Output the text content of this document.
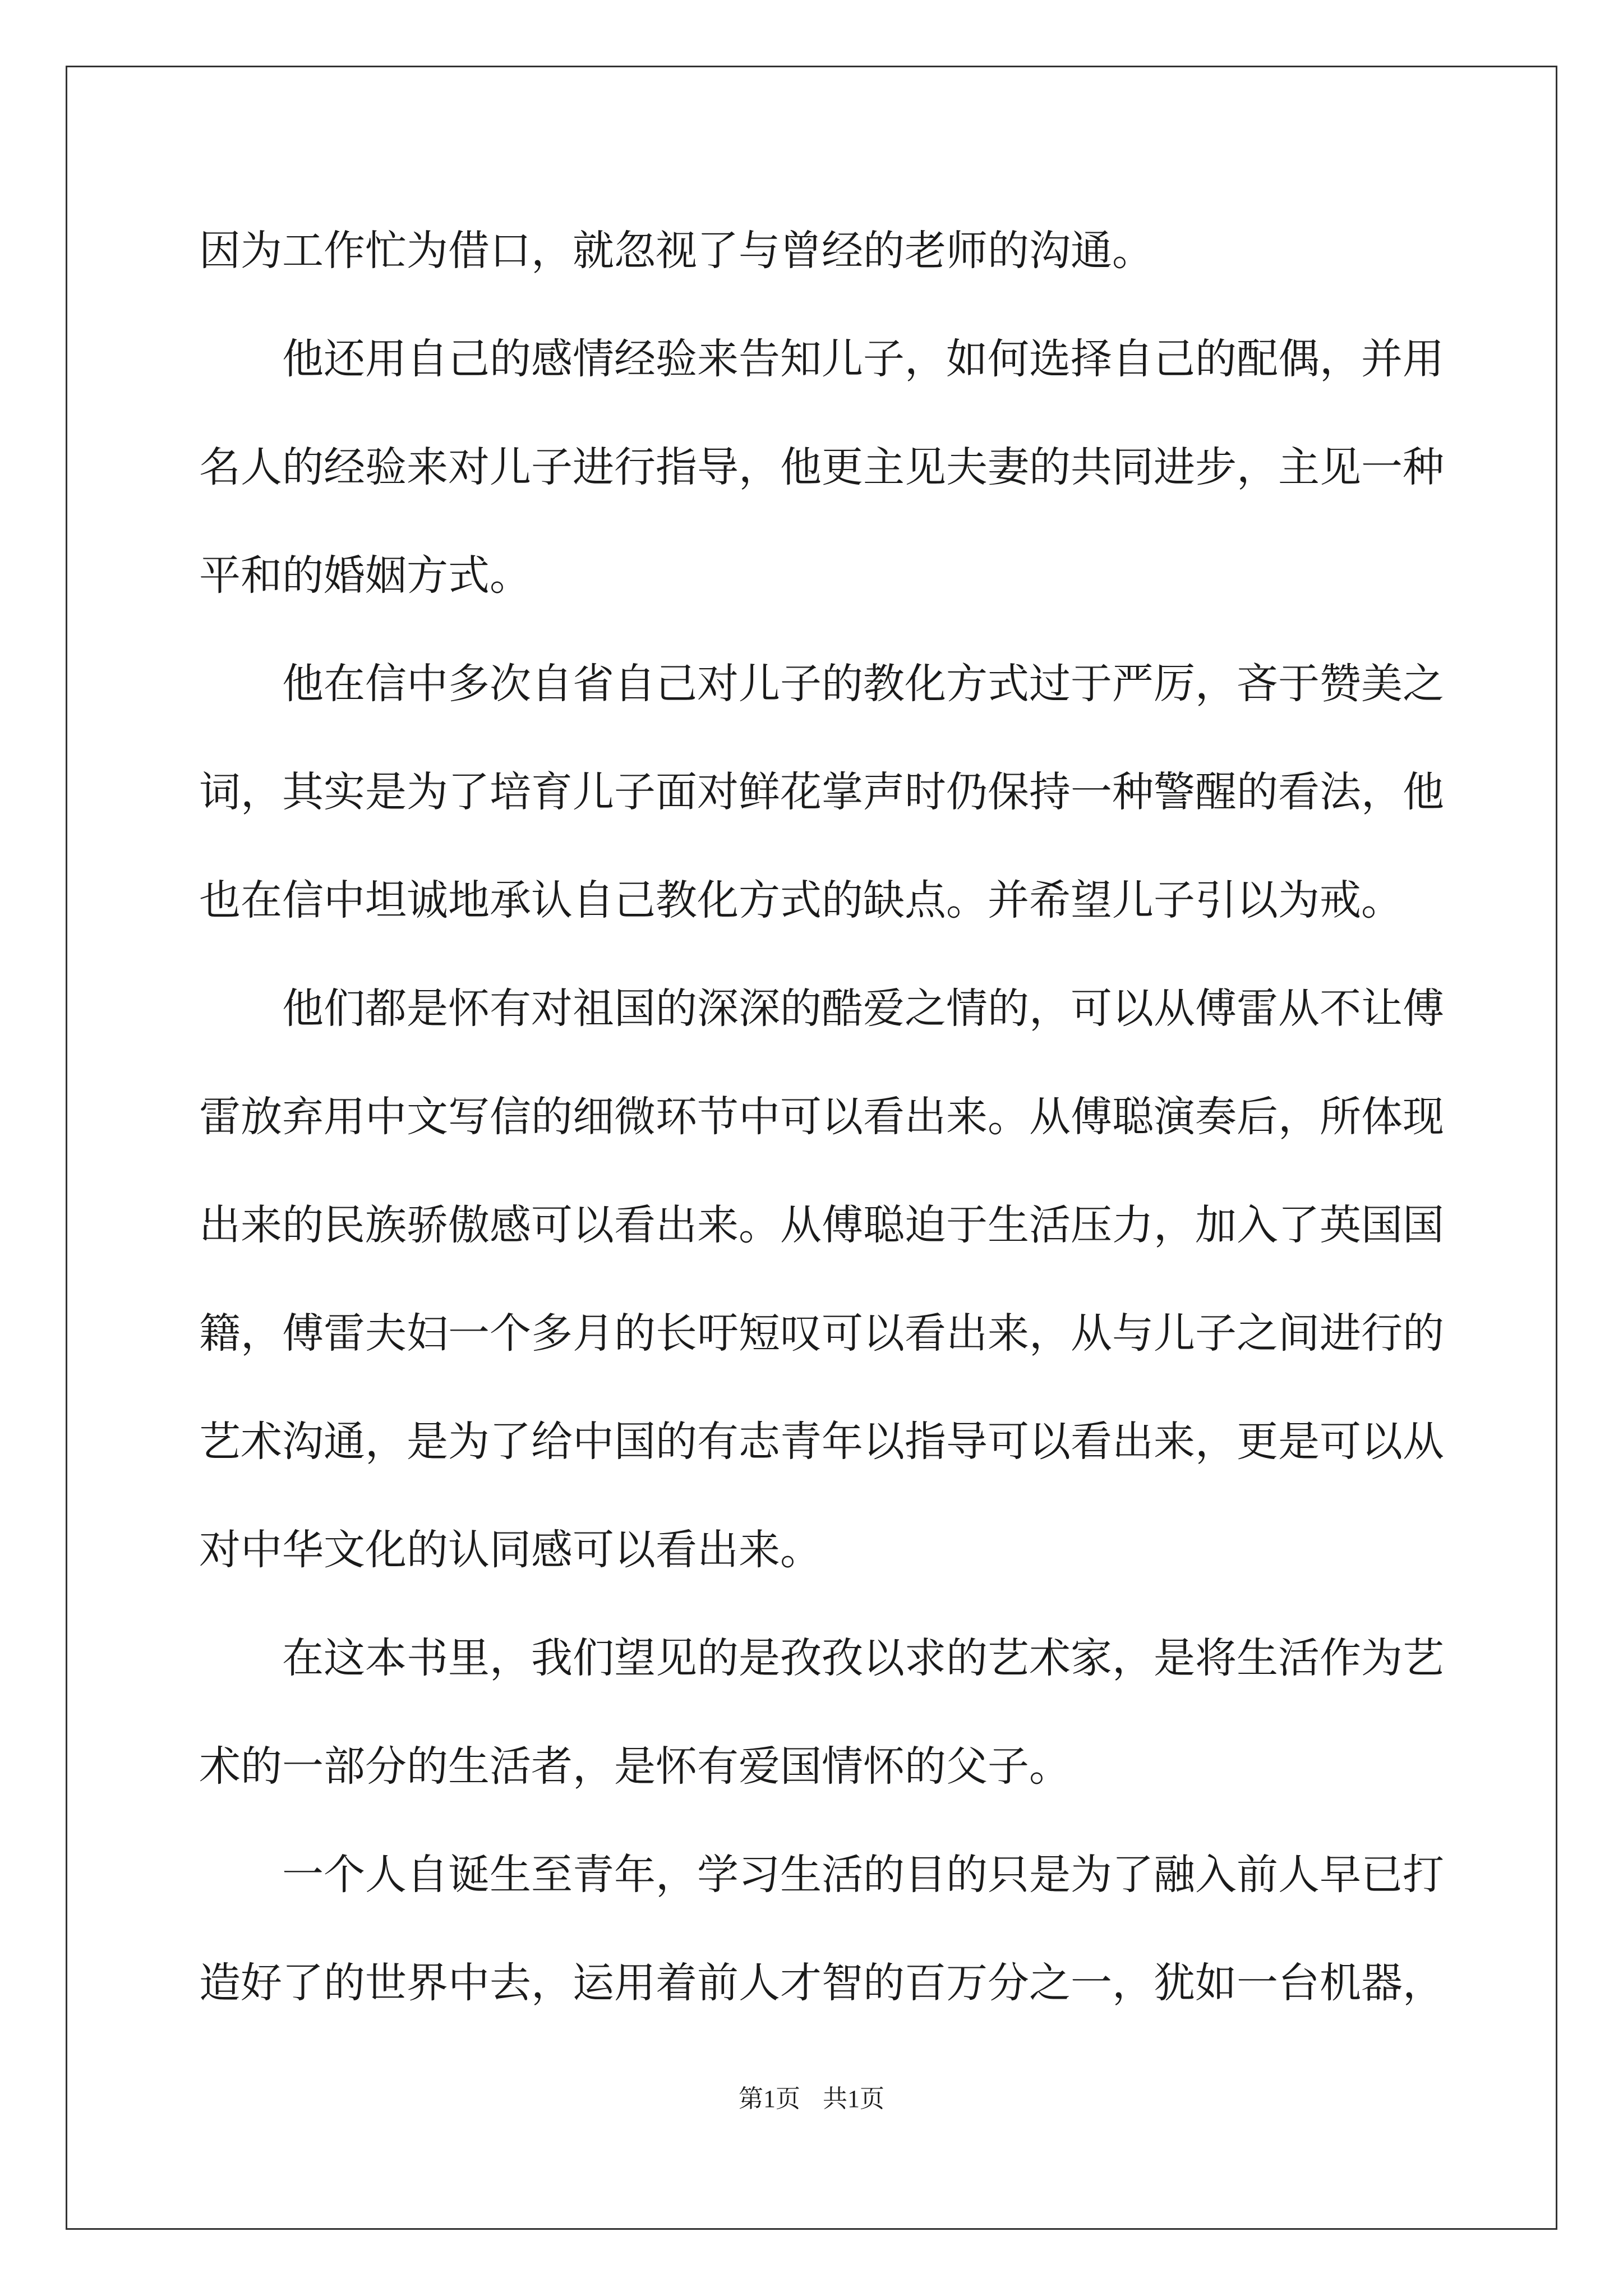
因为工作忙为借口，就忽视了与曾经的老师的沟通。
他还用自己的感情经验来告知儿子，如何选择自己的配偶，并用
名人的经验来对儿子进行指导，他更主见夫妻的共同进步，主见一种
平和的婚姻方式。
他在信中多次自省自己对儿子的教化方式过于严厉，吝于赞美之
词，其实是为了培育儿子面对鲜花掌声时仍保持一种警醒的看法，他
也在信中坦诚地承认自己教化方式的缺点。并希望儿子引以为戒。
他们都是怀有对祖国的深深的酷爱之情的，可以从傅雷从不让傅
雷放弃用中文写信的细微环节中可以看出来。从傅聪演奏后，所体现
出来的民族骄傲感可以看出来。从傅聪迫于生活压力，加入了英国国
籍，傅雷夫妇一个多月的长吁短叹可以看出来，从与儿子之间进行的
艺术沟通，是为了给中国的有志青年以指导可以看出来，更是可以从
对中华文化的认同感可以看出来。
在这本书里，我们望见的是孜孜以求的艺术家，是将生活作为艺
术的一部分的生活者，是怀有爱国情怀的父子。
一个人自诞生至青年，学习生活的目的只是为了融入前人早已打
造好了的世界中去，运用着前人才智的百万分之一，犹如一台机器，
第1页 共1页
